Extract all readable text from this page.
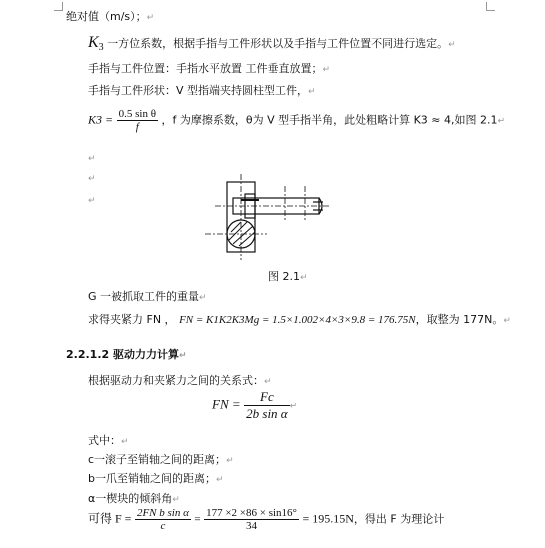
绝对值（m/s）；↵
K3 一方位系数，根据手指与工件形状以及手指与工件位置不同进行选定。↵
手指与工件位置：手指水平放置 工件垂直放置；↵
手指与工件形状：V 型指端夹持圆柱型工件，↵
$K3 = \frac{\text{0.5 sin θ}}{f}$ ，f 为摩擦系数，θ为 V 型手指半角，此处粗略计算 K3 ≈ 4,如图 2.1↵
↵
↵
↵
图 2.1↵
G 一被抓取工件的重量↵
求得夹紧力 FN ， FN = K1K2K3Mg = 1.5×1.002×4×3×9.8 = 176.75N，取整为 177N。↵
2.2.1.2 驱动力力计算↵
根据驱动力和夹紧力之间的关系式：↵
FN = $\frac{Fc}{\text{2b sin α}}$ ↵
式中：↵
c一滚子至销轴之间的距离；↵
b一爪至销轴之间的距离；↵
α一楔块的倾斜角↵
可得 $F = \frac{\text{2FN b sin α}}{c} = \frac{177 \times 2 \times 86 \times \sin 16^\circ}{34} = 195.15N$，得出 F 为理论计
